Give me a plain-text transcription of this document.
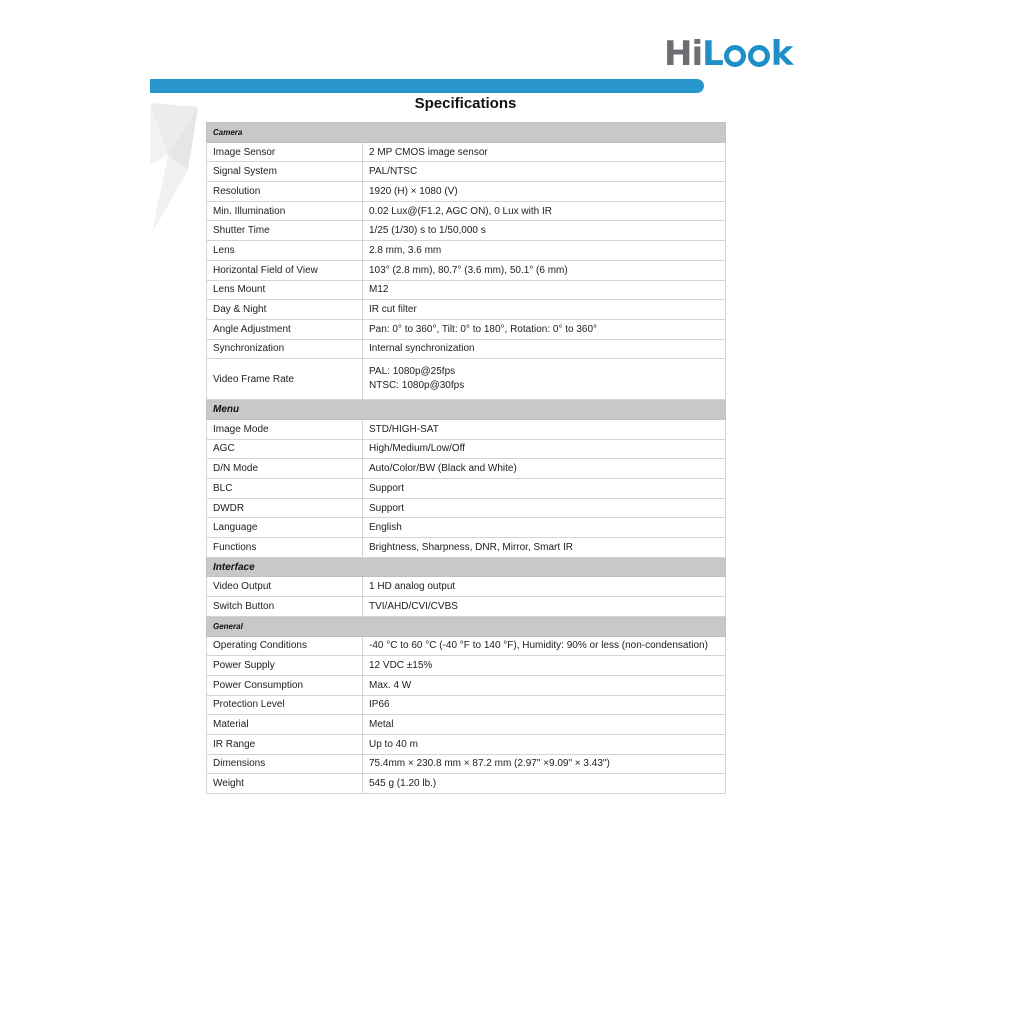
Hi L k
Specifications
Camera	
Image Sensor	2 MP CMOS image sensor
Signal System	PAL/NTSC
Resolution	1920 (H) × 1080 (V)
Min. Illumination	0.02 Lux@(F1.2, AGC ON), 0 Lux with IR
Shutter Time	1/25 (1/30) s to 1/50,000 s
Lens	2.8 mm, 3.6 mm
Horizontal Field of View	103° (2.8 mm), 80.7° (3.6 mm), 50.1° (6 mm)
Lens Mount	M12
Day & Night	IR cut filter
Angle Adjustment	Pan: 0° to 360°, Tilt: 0° to 180°, Rotation: 0° to 360°
Synchronization	Internal synchronization
Video Frame Rate	PAL: 1080p@25fps
NTSC: 1080p@30fps

Menu	
Image Mode	STD/HIGH-SAT
AGC	High/Medium/Low/Off
D/N Mode	Auto/Color/BW (Black and White)
BLC	Support
DWDR	Support
Language	English
Functions	Brightness, Sharpness, DNR, Mirror, Smart IR
Interface	
Video Output	1 HD analog output
Switch Button	TVI/AHD/CVI/CVBS
General	
Operating Conditions	-40 °C to 60 °C (-40 °F to 140 °F), Humidity: 90% or less (non-condensation)
Power Supply	12 VDC ±15%
Power Consumption	Max. 4 W
Protection Level	IP66
Material	Metal
IR Range	Up to 40 m
Dimensions	75.4mm × 230.8 mm × 87.2 mm (2.97" ×9.09" × 3.43")
Weight	545 g (1.20 lb.)
